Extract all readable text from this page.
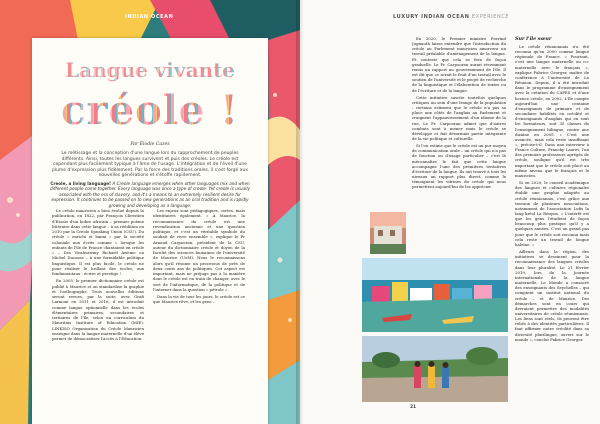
INDIAN OCEAN	LUXURY INDIAN OCEAN EXPERIENCE
Langue vivante
créole !
Par Élodie Cazes
Le métissage et la conception d'une langue lors du rapprochement de peuples différents. Ainsi, toutes les langues survivent et puis des créoles. Le créole est cependant plus facilement typique à l'âme de l'usage. L'intégration et de l'éveil d'une plume d'expression plus fidèlement. Par la force des traditions orales, il s'est forgé aux nouvelles générations et s'étoffe rapidement.
Creole, a living language! A Creole language emerges when other languages mix and when different people come together. Every language was once a type of creole. Yet creole is usually associated with the era of slavery, and it's a means to an extremely resilient desire for expression. It continues to be passed on to new generations as an oral tradition and is rapidly growing and developing as a language.

Le créole mauricien a bien évolué depuis la publication, en 1822, par François Chrestien d'Essais d'un bobre africain – premier poème littéraire dans cette langue – à sa réédition en 2010 par la Creole Speaking Union (CSU). Du créole « enrichi et banni » par la société coloniale aux écrits comme « lorsque les enfants de l'île de France chantaient en créole » – Des Virahsawmy Richard Aweme ou Michel Ducasse – à une formidable politique linguistique. Il est plus facile, le créole ne pour réaliser le brillant des écoles, aux fondamentaux : écrire et prestige !

En 2005, le premier dictionnaire créole est publié à Maurice et on standardise la graphie et l'orthographe. Trois nouvelles éditions seront revues, par la suite, avec Grafi Larmoni en 2011 et 2016, il est introduit comme langue optionnelle dans les écoles élémentaires primaires, secondaires et tertiaires de l'île, selon un curriculum du Mauritius Institute of Education (MIE). LINKISO Organisation du Créole Mauricien enseigne dans la langue maternelle d'un élève permet de démocratiser l'accès à l'Éducation.

Les enjeux sont pédagogiques, certes, mais identitaires également. « À Maurice, la reconnaissance du créole est une revendication ancienne et une question politique, et c'est un véritable symbole du souhait de vivre ensemble », explique le Pr Arnaud Carpooran, président de la CSU, auteur du dictionnaire créole et doyen de la faculté des sciences humaines de l'université de Maurice (UoM). Nous le reconnaissons alors qu'il résume un processus de près de deux cents ans de politiques. Cet aspect est important, mais ne préjuge pas à la manière dont le créole est en train de changer, avec le sort de l'informatique, de la politique et de l'internet dans la question « pétrole ».

Dans la vie de tous les jours, le créole est ce que Maurice rêve, et les gens...

En 2020, le Premier ministre Pravind Jugnauth laisse entendre que l'introduction du créole au Parlement mauricien amorcera un travail préalable d'aménagement de la langue. Et conteste que cela se fera de façon graduelle. Le Pr. Carpooran aurait récemment remis un rapport au gouvernement de l'île. Il est dit que ce serait le fruit d'un travail avec le soutien de l'université et le projet de recherche de la linguistique et l'élaboration de textes ou de l'écriture et de la langue.

Cette initiative suscite toutefois quelques critiques au sein d'une frange de la population : certains estiment que le créole n'a pas sa place aux côtés de l'anglais au Parlement et craignent l'appauvrissement d'un idiome de la rue. Le Pr. Carpooran admet que d'autres combats sont à mener mais le créole se développe et fait désormais partie intégrante de la vie politique et culturelle.

Si l'on estime que le créole est un pur moyen de communication orale – un créole qui n'a pas de fonction ou d'usage particulier – c'est là méconnaître le fait que cette langue accompagne l'une des premières tentatives d'écriture de la langue. Ils ont trouvé à tous les niveaux un rapport plus direct, comme le témoignent les vitrines du créole qui nous permettent aujourd'hui de les apprécier.

Sur l'île sœur

Le créole réunionnais n'a été reconnu qu'en 2000 comme langue régionale de France. « Pourtant, c'est une langue maternelle ou co-maternelle avec le français », explique Fabrice Georger, maître de conférence à l'université de La Réunion. Depuis, il a été introduit dans le programme d'enseignement avec la création du CAPES et d'une licence créole, en 2002. L'île compte aujourd'hui une centaine d'enseignants de primaire et de secondaire habilités en créolité et d'enseignants d'anglais qui en sont les formateurs, soit 35 classes de l'enseignement bilingue, contre une dizaine en 2005. « C'est une avancée, mais cela reste insuffisant », précise-t-il. Dans une interview à France Culture, Francky Lauret, l'un des premiers professeurs agrégés de créole, souligne qu'il est très important que le créole soit placé au même niveau que le français et le mauricien.

Si en 2020, le conseil académique des langues et cultures régionales établit une graphie adaptée au créole réunionnais, c'est grâce aux travaux de plusieurs associations, notamment de l'association Lofis la lang kréol La Rényon. « L'intérêt est que les gens l'étudient de façon beaucoup plus pratique qu'il y a quelques années. C'est un grand pas pour que le créole soit reconnu mais cela reste un travail de longue haleine. »

Ailleurs dans la région, des initiatives se dessinent pour la reconnaissance des langues créoles dans leur pluralité. Le 21 février 2019, lors de la Journée internationale de la langue maternelle, Le Monde a consacré des enseignants des Seychelles – qui comptent un institut national du créole – et de Maurice. Des démarches sont en cours qui devraient permettre des modalités universitaires de créole réunionnais. Les liens sont réels, ils peuvent être reliés à des identités particulières. Il faut affirmer notre créolité dans sa diversité plurilingue, ouvert sur le monde », conclut Fabrice Georger.

21
